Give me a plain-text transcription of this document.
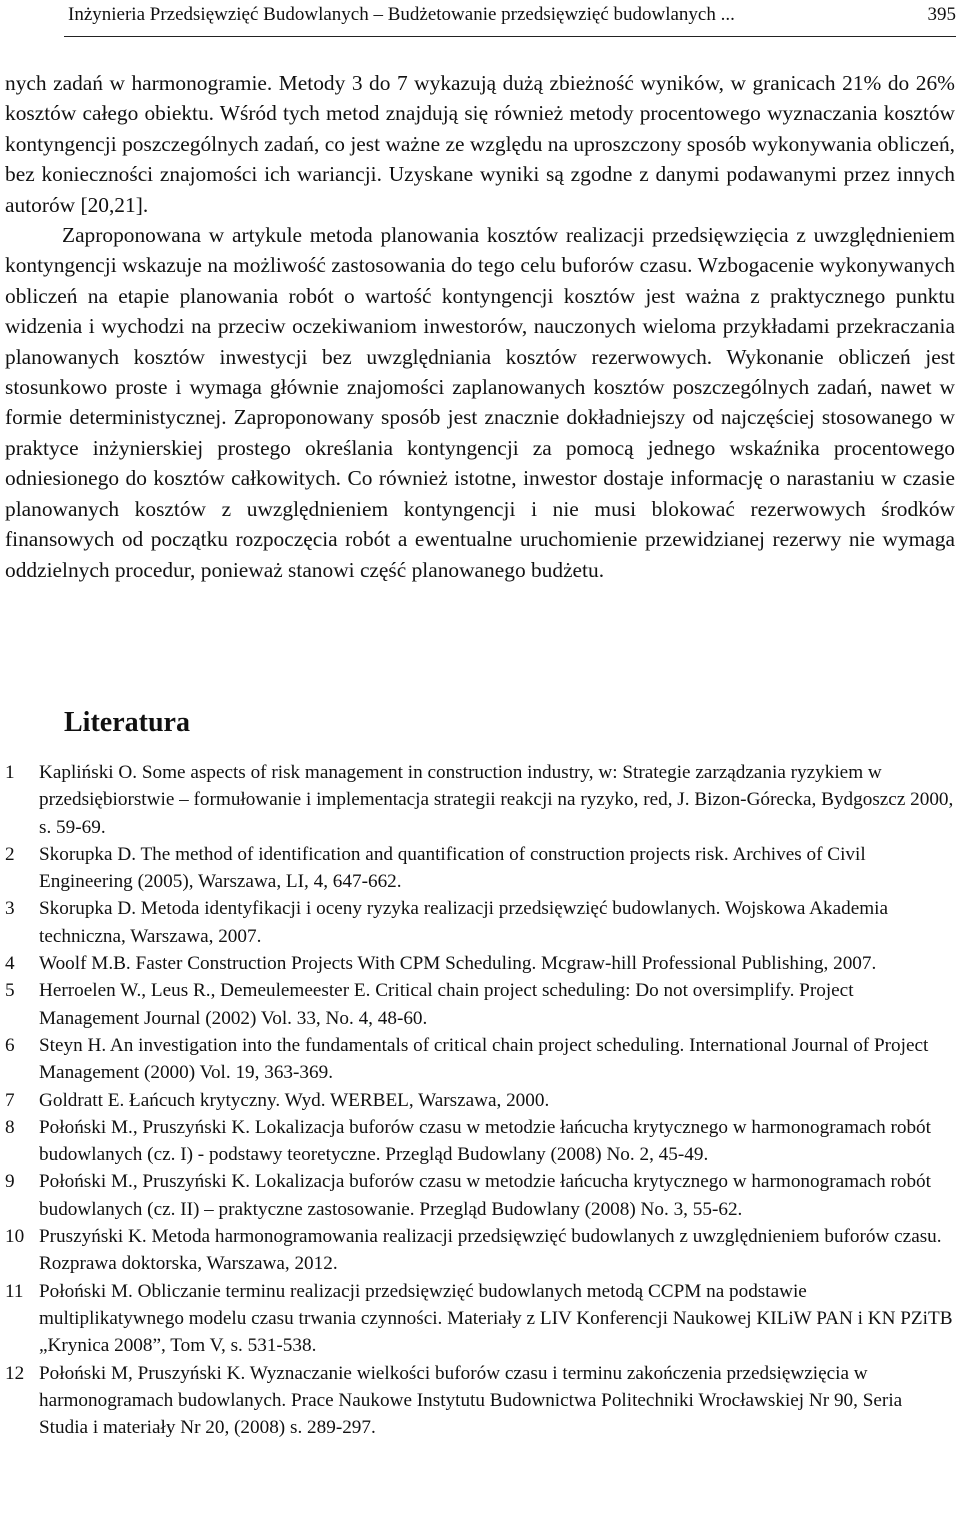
Inżynieria Przedsięwzięć Budowlanych – Budżetowanie przedsięwzięć budowlanych ...	395

nych zadań w harmonogramie. Metody 3 do 7 wykazują dużą zbieżność wyników, w granicach 21% do 26% kosztów całego obiektu. Wśród tych metod znajdują się również metody procentowego wyznaczania kosztów kontyngencji poszczególnych zadań, co jest ważne ze względu na uproszczony sposób wykonywania obliczeń, bez konieczności znajomości ich wariancji. Uzyskane wyniki są zgodne z danymi podawanymi przez innych autorów [20,21].

Zaproponowana w artykule metoda planowania kosztów realizacji przedsięwzięcia z uwzględnieniem kontyngencji wskazuje na możliwość zastosowania do tego celu buforów czasu. Wzbogacenie wykonywanych obliczeń na etapie planowania robót o wartość kontyngencji kosztów jest ważna z praktycznego punktu widzenia i wychodzi na przeciw oczekiwaniom inwestorów, nauczonych wieloma przykładami przekraczania planowanych kosztów inwestycji bez uwzględniania kosztów rezerwowych. Wykonanie obliczeń jest stosunkowo proste i wymaga głównie znajomości zaplanowanych kosztów poszczególnych zadań, nawet w formie deterministycznej. Zaproponowany sposób jest znacznie dokładniejszy od najczęściej stosowanego w praktyce inżynierskiej prostego określania kontyngencji za pomocą jednego wskaźnika procentowego odniesionego do kosztów całkowitych. Co również istotne, inwestor dostaje informację o narastaniu w czasie planowanych kosztów z uwzględnieniem kontyngencji i nie musi blokować rezerwowych środków finansowych od początku rozpoczęcia robót a ewentualne uruchomienie przewidzianej rezerwy nie wymaga oddzielnych procedur, ponieważ stanowi część planowanego budżetu.

Literatura
1 Kapliński O. Some aspects of risk management in construction industry, w: Strategie zarządzania ryzykiem w przedsiębiorstwie – formułowanie i implementacja strategii reakcji na ryzyko, red, J. Bizon-Górecka, Bydgoszcz 2000, s. 59-69.
2 Skorupka D. The method of identification and quantification of construction projects risk. Archives of Civil Engineering (2005), Warszawa, LI, 4, 647-662.
3 Skorupka D. Metoda identyfikacji i oceny ryzyka realizacji przedsięwzięć budowlanych. Wojskowa Akademia techniczna, Warszawa, 2007.
4 Woolf M.B. Faster Construction Projects With CPM Scheduling. Mcgraw-hill Professional Publishing, 2007.
5 Herroelen W., Leus R., Demeulemeester E. Critical chain project scheduling: Do not oversimplify. Project Management Journal (2002) Vol. 33, No. 4, 48-60.
6 Steyn H. An investigation into the fundamentals of critical chain project scheduling. International Journal of Project Management (2000) Vol. 19, 363-369.
7 Goldratt E. Łańcuch krytyczny. Wyd. WERBEL, Warszawa, 2000.
8 Połoński M., Pruszyński K. Lokalizacja buforów czasu w metodzie łańcucha krytycznego w harmonogramach robót budowlanych (cz. I) - podstawy teoretyczne. Przegląd Budowlany (2008) No. 2, 45-49.
9 Połoński M., Pruszyński K. Lokalizacja buforów czasu w metodzie łańcucha krytycznego w harmonogramach robót budowlanych (cz. II) – praktyczne zastosowanie. Przegląd Budowlany (2008) No. 3, 55-62.
10 Pruszyński K. Metoda harmonogramowania realizacji przedsięwzięć budowlanych z uwzględnieniem buforów czasu. Rozprawa doktorska, Warszawa, 2012.
11 Połoński M. Obliczanie terminu realizacji przedsięwzięć budowlanych metodą CCPM na podstawie multiplikatywnego modelu czasu trwania czynności. Materiały z LIV Konferencji Naukowej KILiW PAN i KN PZiTB „Krynica 2008”, Tom V, s. 531-538.
12 Połoński M, Pruszyński K. Wyznaczanie wielkości buforów czasu i terminu zakończenia przedsięwzięcia w harmonogramach budowlanych. Prace Naukowe Instytutu Budownictwa Politechniki Wrocławskiej Nr 90, Seria Studia i materiały Nr 20, (2008) s. 289-297.
